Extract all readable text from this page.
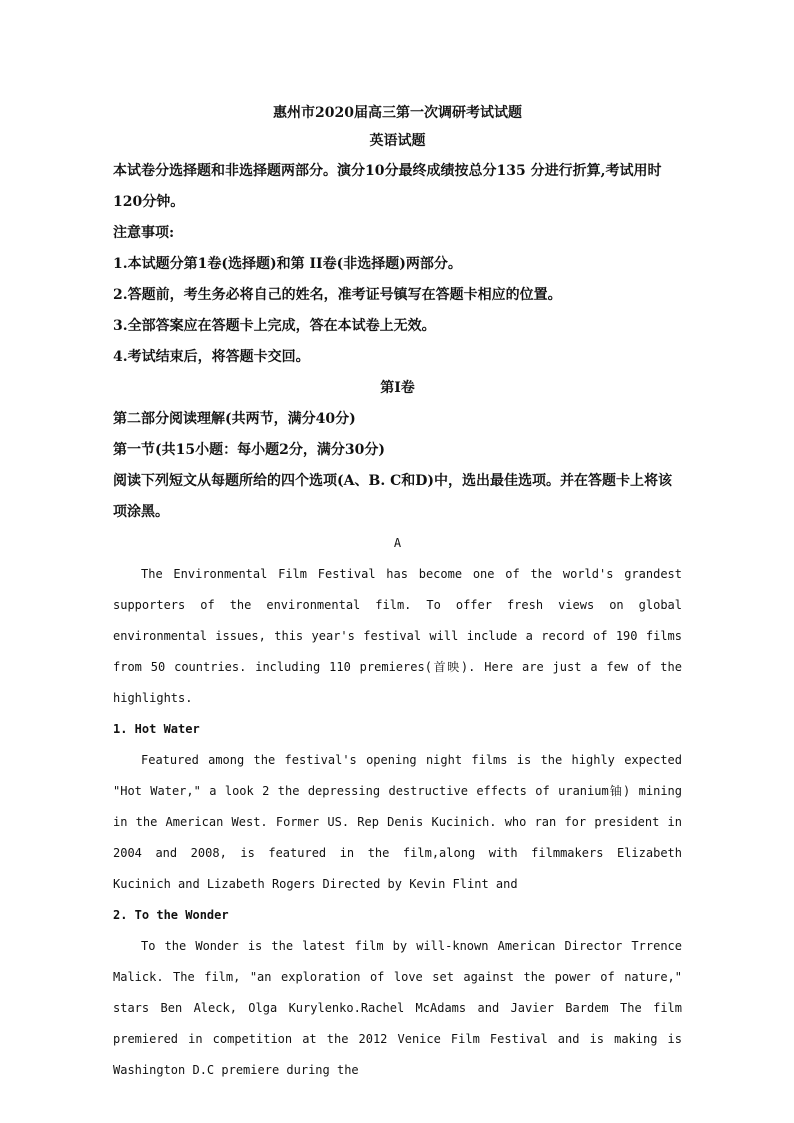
惠州市2020届高三第一次调研考试试题
英语试题

本试卷分选择题和非选择题两部分。演分10分最终成绩按总分135 分进行折算,考试用时120分钟。

注意事项:

1.本试题分第1卷(选择题)和第 II卷(非选择题)两部分。

2.答题前，考生务必将自己的姓名，准考证号镇写在答题卡相应的位置。

3.全部答案应在答题卡上完成，答在本试卷上无效。

4.考试结束后，将答题卡交回。

第I卷

第二部分阅读理解(共两节，满分40分)

第一节(共15小题：每小题2分，满分30分)

阅读下列短文从每题所给的四个选项(A、B. C和D)中，选出最佳选项。并在答题卡上将该项涂黑。

A

The Environmental Film Festival has become one of the world's grandest supporters of the environmental film. To offer fresh views on global environmental issues, this year's festival will include a record of 190 films from 50 countries. including 110 premieres(首映). Here are just a few of the highlights.

1. Hot Water

Featured among the festival's opening night films is the highly expected "Hot Water," a look 2 the depressing destructive effects of uranium铀) mining in the American West. Former US. Rep Denis Kucinich. who ran for president in 2004 and 2008, is featured in the film,along with filmmakers Elizabeth Kucinich and Lizabeth Rogers Directed by Kevin Flint and

2. To the Wonder

To the Wonder is the latest film by will-known American Director Trrence Malick. The film, "an exploration of love set against the power of nature," stars Ben Aleck, Olga Kurylenko.Rachel McAdams and Javier Bardem The film premiered in competition at the 2012 Venice Film Festival and is making is Washington D.C premiere during the
